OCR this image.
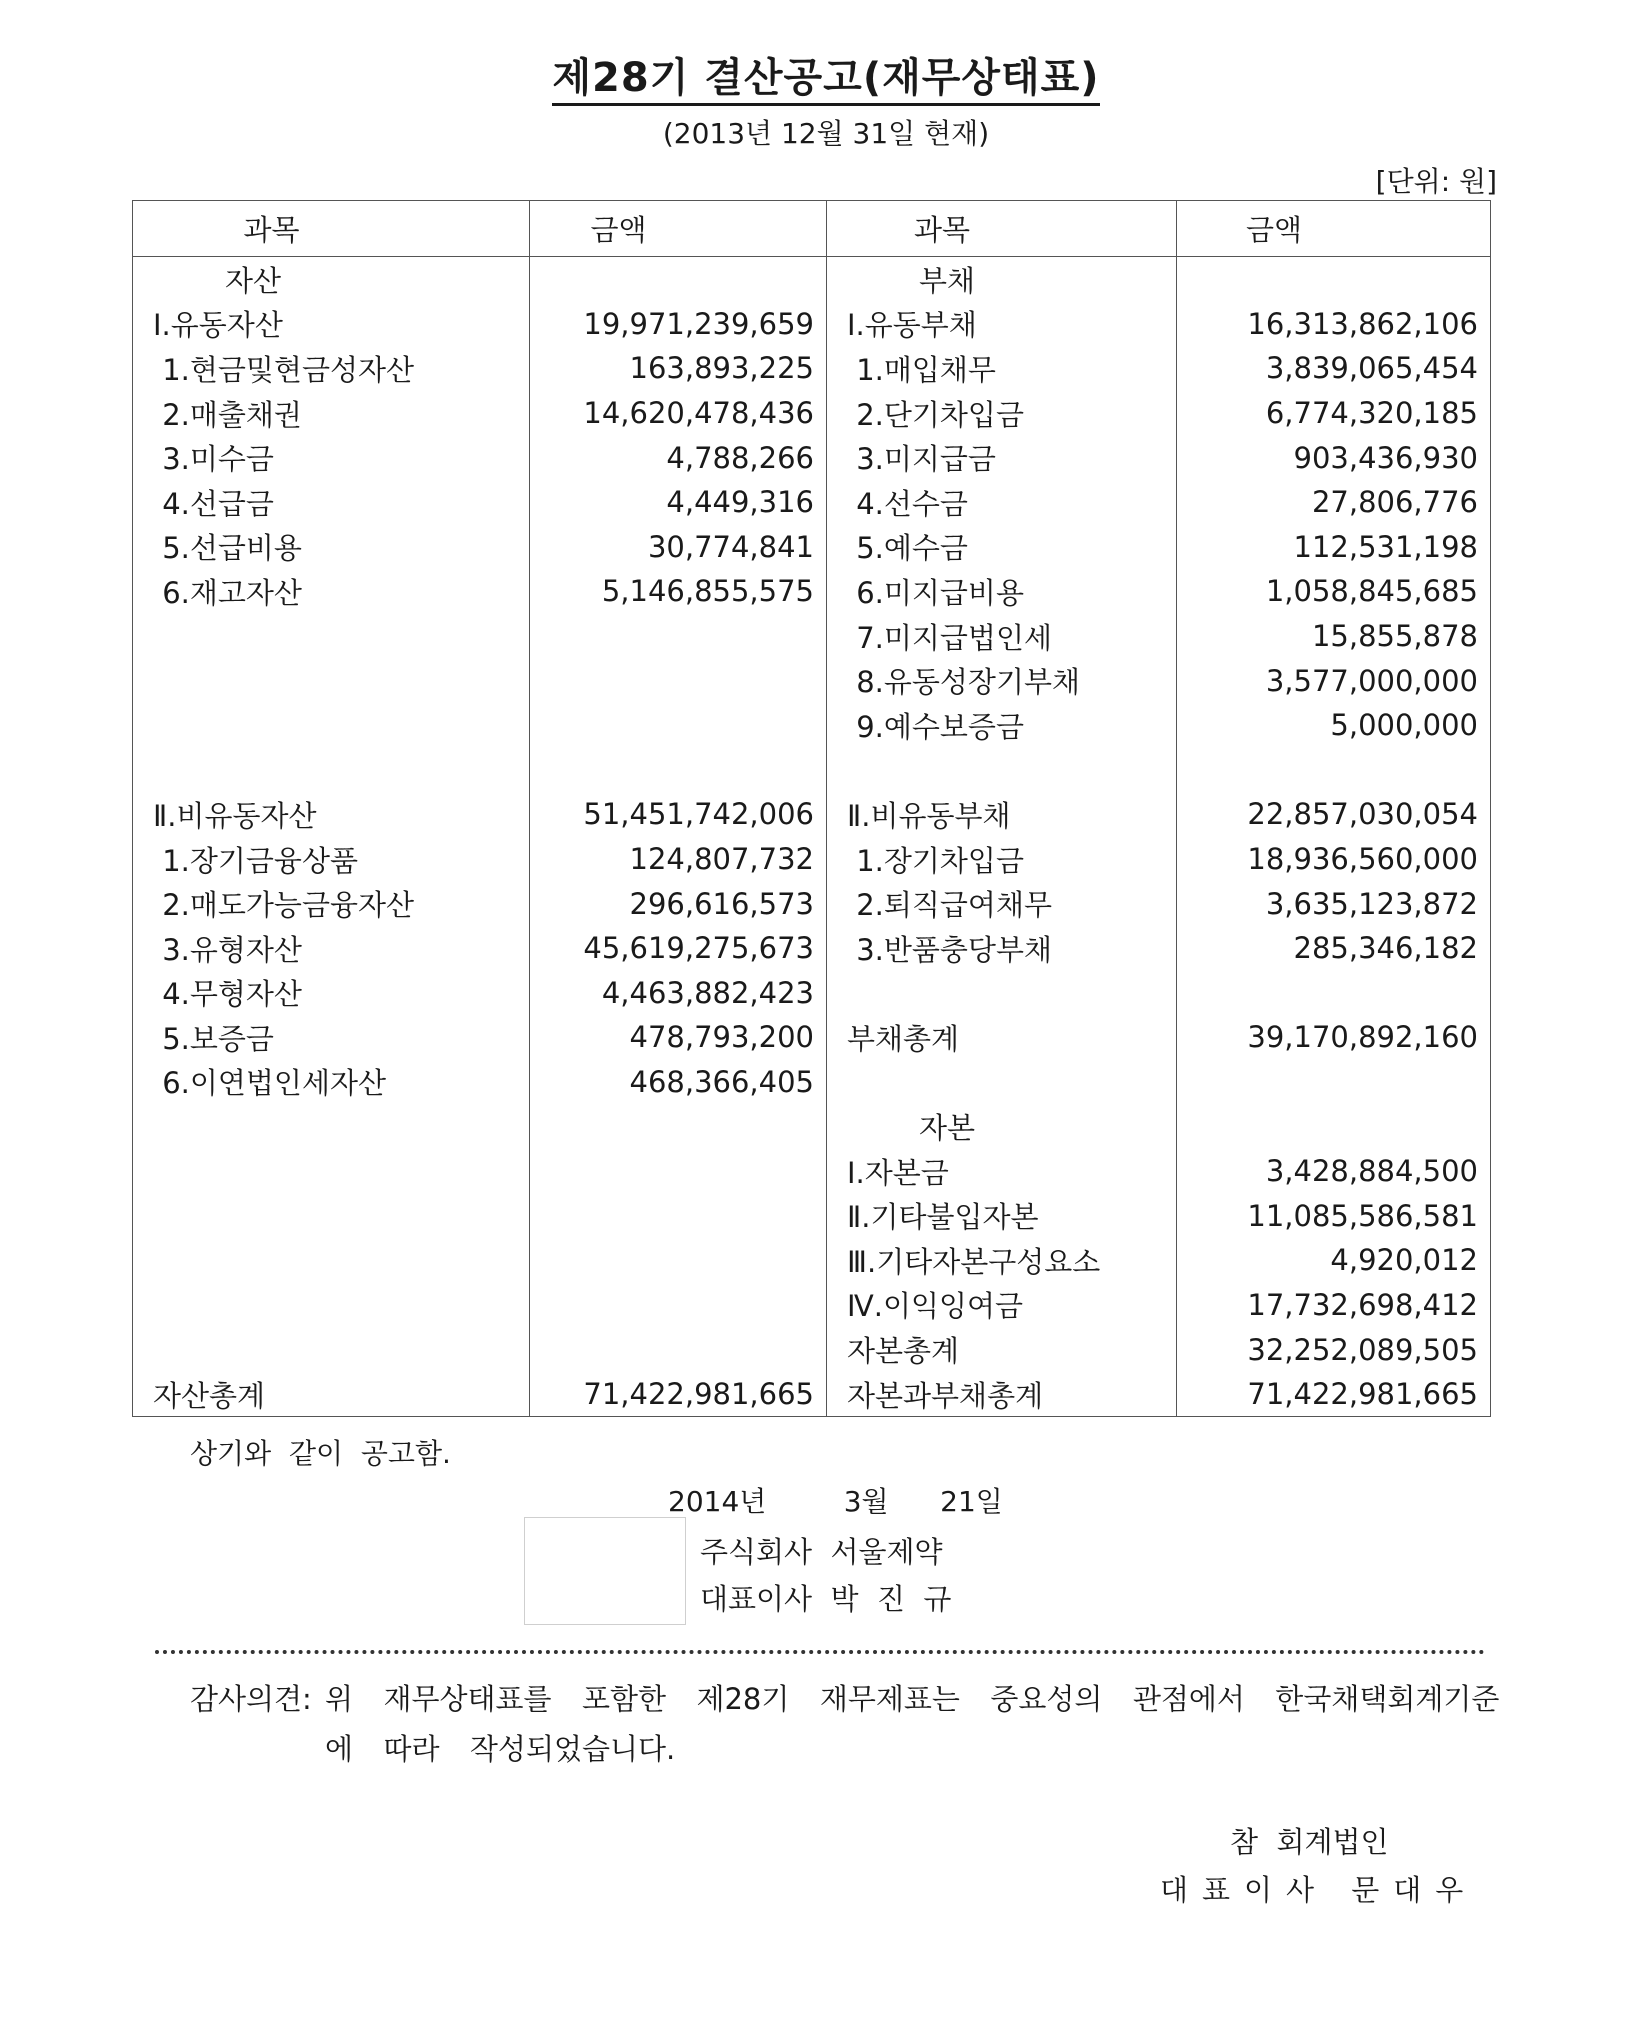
제28기 결산공고(재무상태표)
(2013년 12월 31일 현재)
[단위: 원]
과목	금액	과목	금액
자산		부채	
Ⅰ.유동자산	19,971,239,659	Ⅰ.유동부채	16,313,862,106
1.현금및현금성자산	163,893,225	1.매입채무	3,839,065,454
2.매출채권	14,620,478,436	2.단기차입금	6,774,320,185
3.미수금	4,788,266	3.미지급금	903,436,930
4.선급금	4,449,316	4.선수금	27,806,776
5.선급비용	30,774,841	5.예수금	112,531,198
6.재고자산	5,146,855,575	6.미지급비용	1,058,845,685
		7.미지급법인세	15,855,878
		8.유동성장기부채	3,577,000,000
		9.예수보증금	5,000,000

Ⅱ.비유동자산	51,451,742,006	Ⅱ.비유동부채	22,857,030,054
1.장기금융상품	124,807,732	1.장기차입금	18,936,560,000
2.매도가능금융자산	296,616,573	2.퇴직급여채무	3,635,123,872
3.유형자산	45,619,275,673	3.반품충당부채	285,346,182
4.무형자산	4,463,882,423		
5.보증금	478,793,200	부채총계	39,170,892,160
6.이연법인세자산	468,366,405		
		자본	
		Ⅰ.자본금	3,428,884,500
		Ⅱ.기타불입자본	11,085,586,581
		Ⅲ.기타자본구성요소	4,920,012
		Ⅳ.이익잉여금	17,732,698,412
		자본총계	32,252,089,505
자산총계	71,422,981,665	자본과부채총계	71,422,981,665
상기와  같이  공고함.
2014년      3월    21일
주식회사  서울제약
대표이사  박  진  규
감사의견: 위  재무상태표를  포함한  제28기  재무제표는  중요성의  관점에서  한국채택회계기준
에  따라  작성되었습니다.
참  회계법인
대표이사 문대우
